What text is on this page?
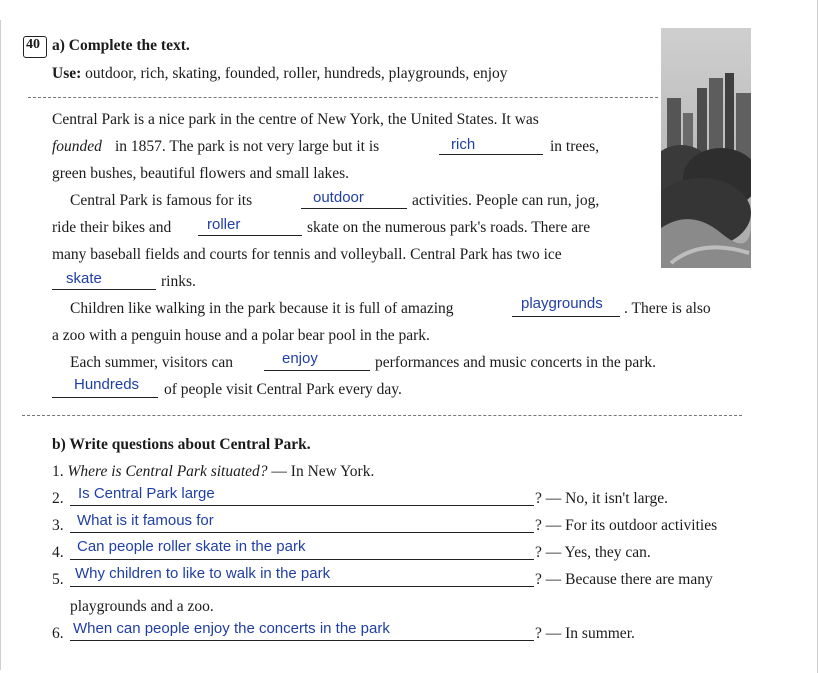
40 a) Complete the text.
Use: outdoor, rich, skating, founded, roller, hundreds, playgrounds, enjoy
Central Park is a nice park in the centre of New York, the United States. It was
founded in 1857. The park is not very large but it is	rich	in trees,
green bushes, beautiful flowers and small lakes.
Central Park is famous for its	outdoor	activities. People can run, jog,
ride their bikes and roller	skate on the numerous park's roads. There are
many baseball fields and courts for tennis and volleyball. Central Park has two ice
skate	rinks.
Children like walking in the park because it is full of amazing	playgrounds . There is also
a zoo with a penguin house and a polar bear pool in the park.
Each summer, visitors can	enjoy	performances and music concerts in the park.
Hundreds of people visit Central Park every day.
b) Write questions about Central Park.
1. Where is Central Park situated? — In New York.
2. Is Central Park large	? — No, it isn't large.
3. What is it famous for	? — For its outdoor activities
4. Can people roller skate in the park	? — Yes, they can.
5. Why children to like to walk in the park	? — Because there are many
playgrounds and a zoo.
6. When can people enjoy the concerts in the park	? — In summer.
